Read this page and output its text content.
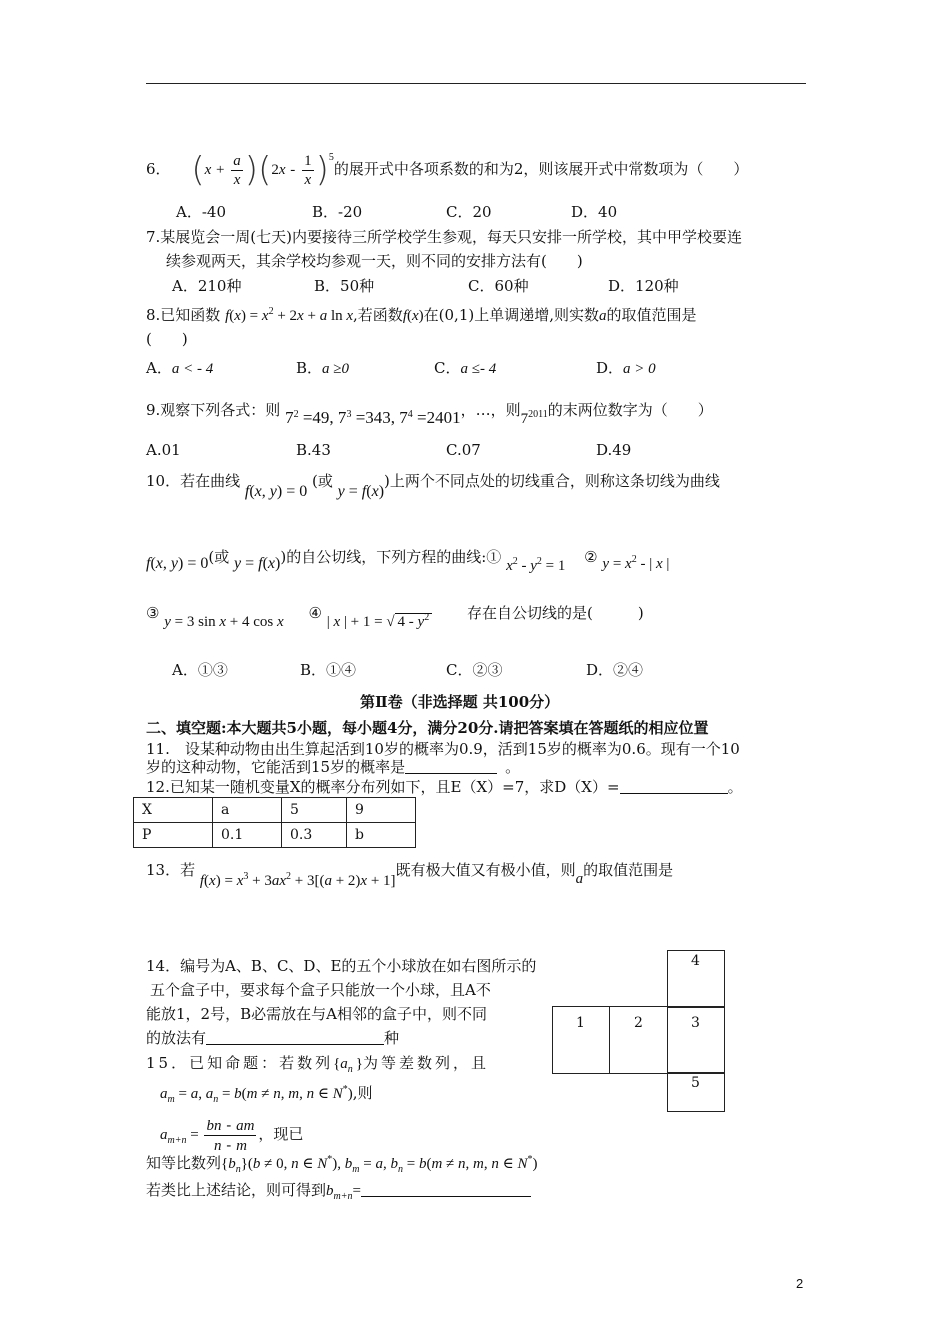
6． $(x + \frac{a}{x} )(2x - \frac{1}{x} )^5$的展开式中各项系数的和为2，则该展开式中常数项为（　　）
A．-40	B．-20	C．20	D．40
7.某展览会一周(七天)内要接待三所学校学生参观，每天只安排一所学校，其中甲学校要连
续参观两天，其余学校均参观一天，则不同的安排方法有(　　)
A．210种	B．50种	C．60种	D．120种
8.已知函数 $f(x) = x^2 + 2x + a$ ln x,若函数f(x)在(0,1)上单调递增,则实数a的取值范围是
(　　)
A．a < - 4	B．a ≥0	C．a ≤- 4	D．a > 0
9.观察下列各式：则 $7^2 =49$, $7^3 =343$, $7^4 =2401$，…，则$7^{2011}$的末两位数字为（　　）
A.01	B.43	C.07	D.49
10．若在曲线 f(x, y) = 0 (或 y = f(x))上两个不同点处的切线重合，则称这条切线为曲线
f(x, y) = 0(或 y = f(x))的自公切线，下列方程的曲线:① $x^2 - y^2 = 1$ ② $y = x^2$ - | x |
③ y = 3 sin x + 4 cos x ④ | x | + 1 = √ $4 - y^2$	存在自公切线的是(　　　)
A．①③	B．①④	C．②③	D．②④
第Ⅱ卷（非选择题 共100分）
二、填空题:本大题共5小题，每小题4分，满分20分.请把答案填在答题纸的相应位置
11.　设某种动物由出生算起活到10岁的概率为0.9，活到15岁的概率为0.6。现有一个10
岁的这种动物，它能活到15岁的概率是	。
12.已知某一随机变量X的概率分布列如下，且E（X）=7，求D（X）=	。
X	a	5	9
P	0.1	0.3	b
13．若 $f(x) = x^3 + 3ax^2 + 3[(a + 2)x + 1]$既有极大值又有极小值，则a的取值范围是
14．编号为A、B、C、D、E的五个小球放在如右图所示的
五个盒子中，要求每个盒子只能放一个小球，且A不
能放1，2号，B必需放在与A相邻的盒子中，则不同
的放法有	种
4
1	2	3
5
15．已知命题：若数列$\{a_n\}$为等差数列，且
$a_m = a$, $a_n = b(m \ne n$, m, n ∈ N*),则
$a_{m+n} = \frac{bn - am}{n - m}$ ，现已
知等比数列$\{b_n\}(b \ne 0$, n ∈ N*), $b_m = a$, $b_n = b(m \ne n$, m, n ∈ N*)
若类比上述结论，则可得到$b_{m+n}=$
2
